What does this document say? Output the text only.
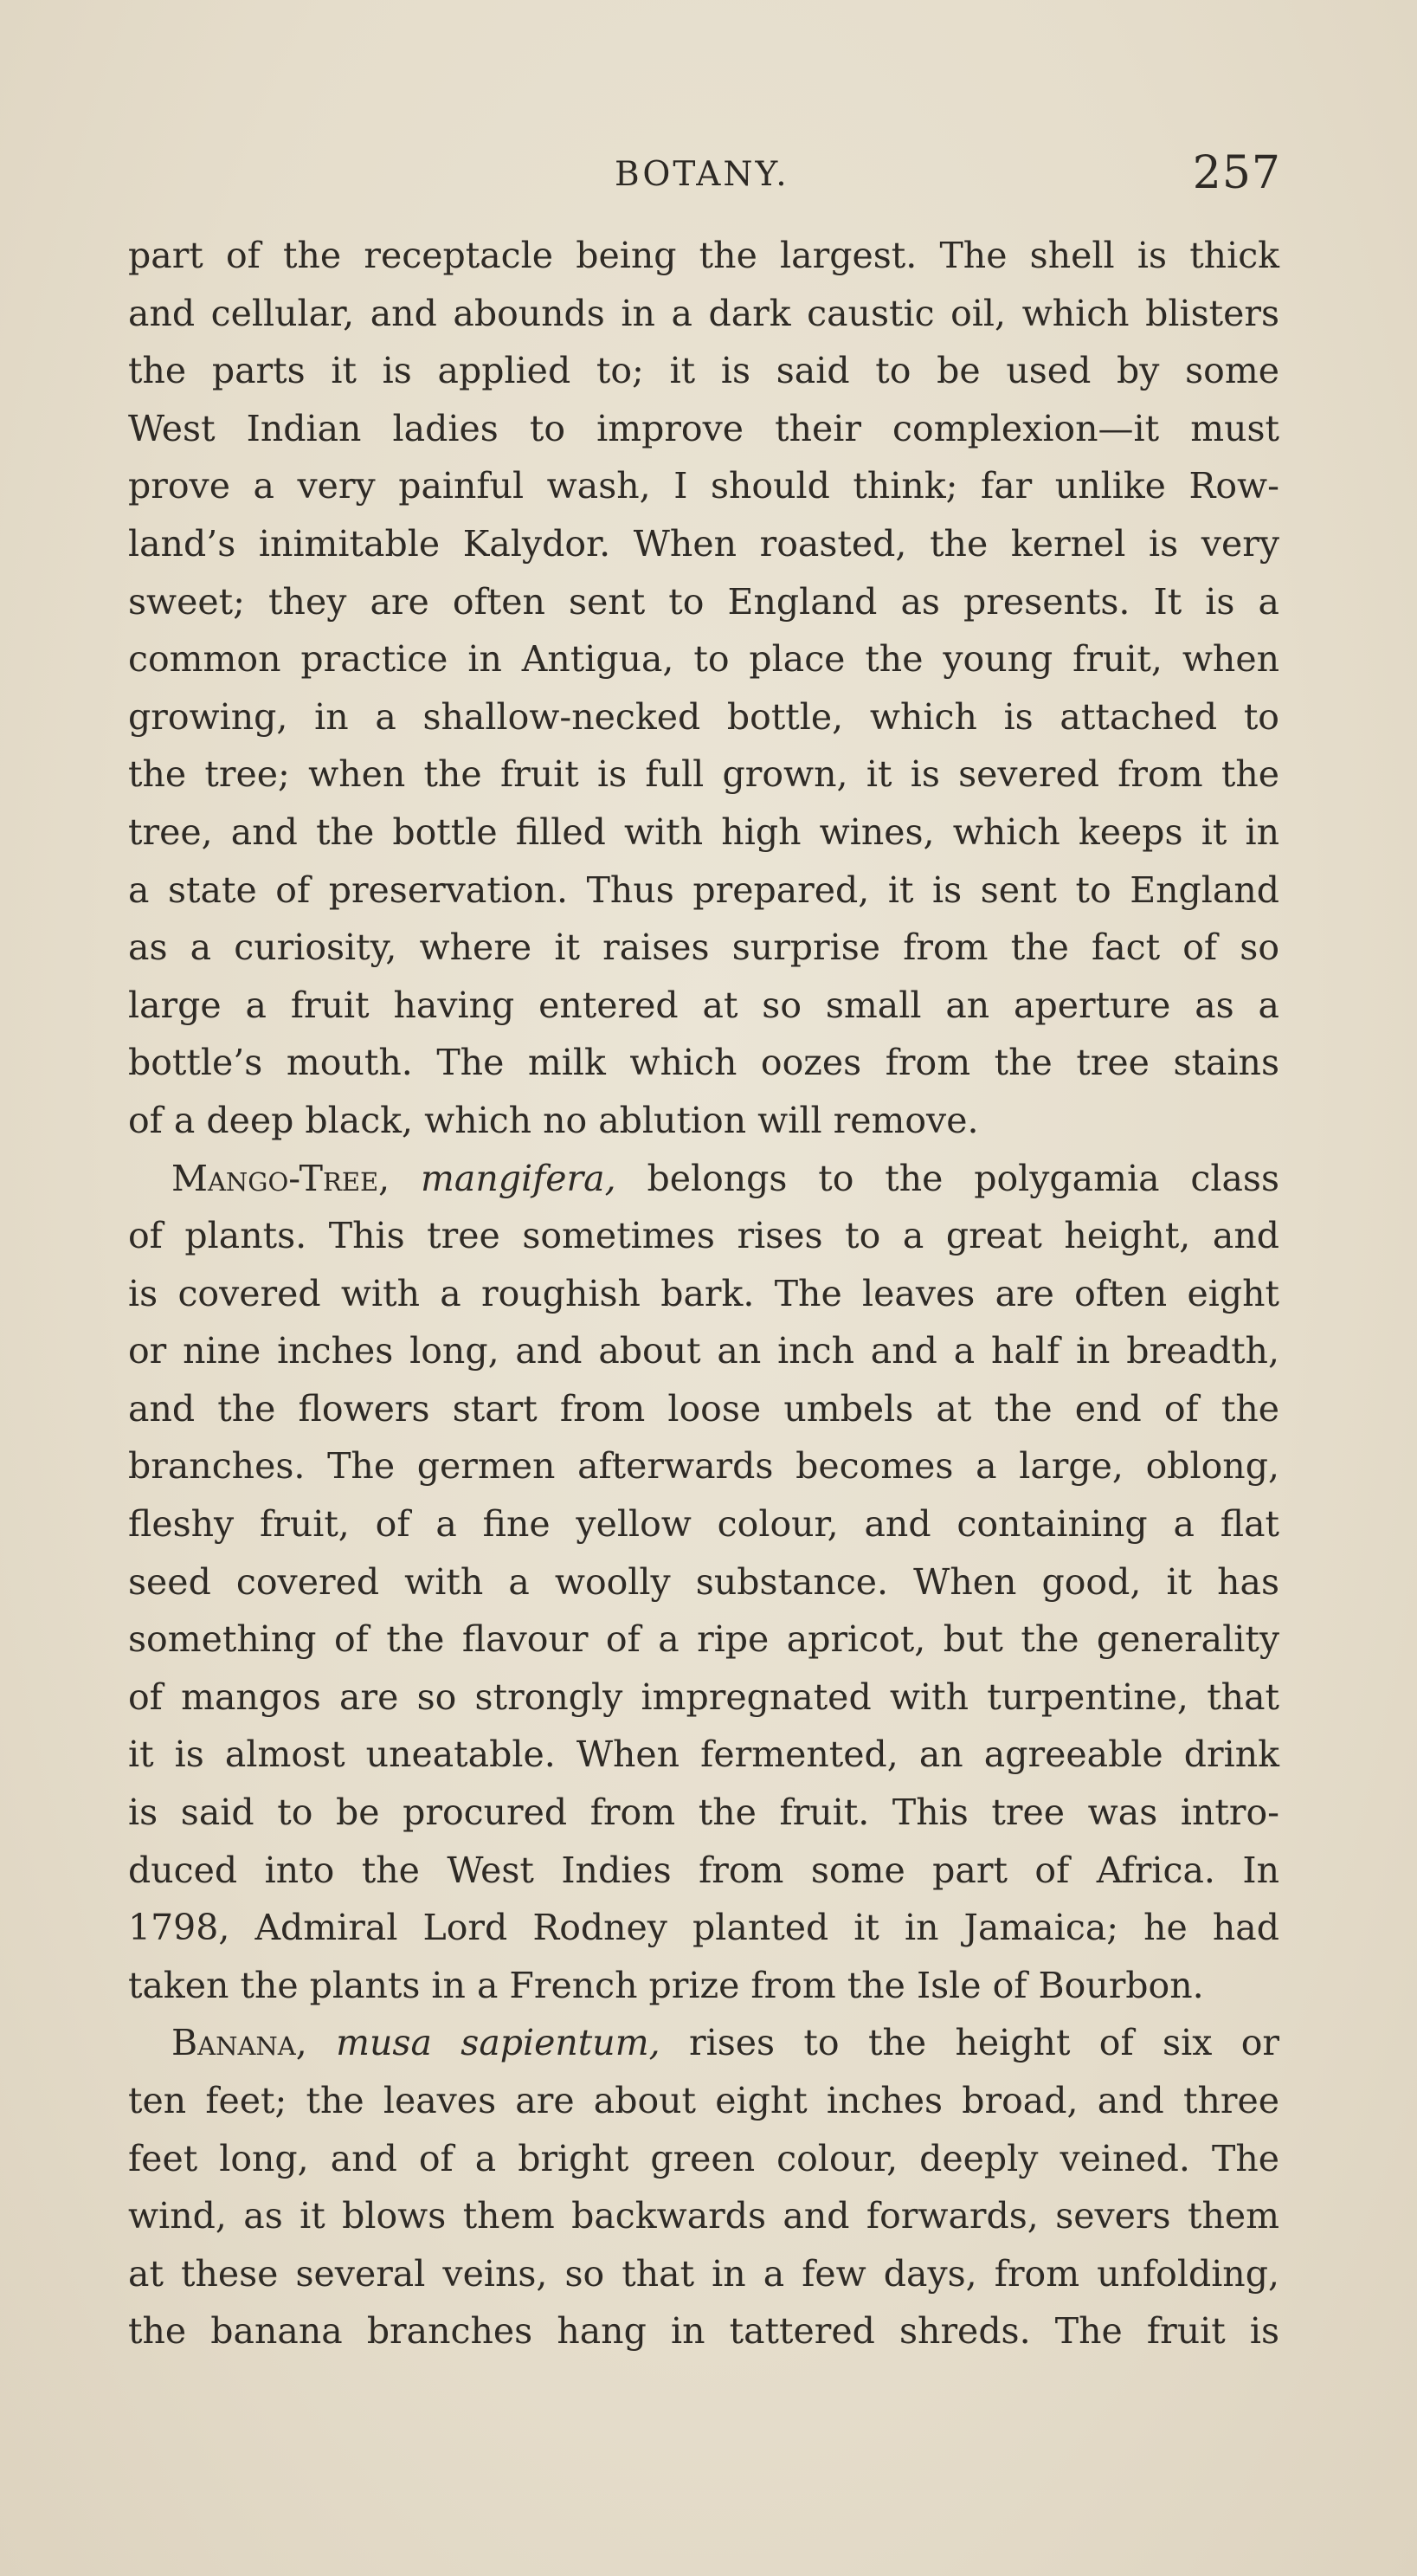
BOTANY.	257
part of the receptacle being the largest. The shell is thick
and cellular, and abounds in a dark caustic oil, which blisters
the parts it is applied to; it is said to be used by some
West Indian ladies to improve their complexion—it must
prove a very painful wash, I should think; far unlike Row-
land’s inimitable Kalydor. When roasted, the kernel is very
sweet; they are often sent to England as presents. It is a
common practice in Antigua, to place the young fruit, when
growing, in a shallow-necked bottle, which is attached to
the tree; when the fruit is full grown, it is severed from the
tree, and the bottle filled with high wines, which keeps it in
a state of preservation. Thus prepared, it is sent to England
as a curiosity, where it raises surprise from the fact of so
large a fruit having entered at so small an aperture as a
bottle’s mouth. The milk which oozes from the tree stains
of a deep black, which no ablution will remove.
Mango-Tree, mangifera, belongs to the polygamia class
of plants. This tree sometimes rises to a great height, and
is covered with a roughish bark. The leaves are often eight
or nine inches long, and about an inch and a half in breadth,
and the flowers start from loose umbels at the end of the
branches. The germen afterwards becomes a large, oblong,
fleshy fruit, of a fine yellow colour, and containing a flat
seed covered with a woolly substance. When good, it has
something of the flavour of a ripe apricot, but the generality
of mangos are so strongly impregnated with turpentine, that
it is almost uneatable. When fermented, an agreeable drink
is said to be procured from the fruit. This tree was intro-
duced into the West Indies from some part of Africa. In
1798, Admiral Lord Rodney planted it in Jamaica; he had
taken the plants in a French prize from the Isle of Bourbon.
Banana, musa sapientum, rises to the height of six or
ten feet; the leaves are about eight inches broad, and three
feet long, and of a bright green colour, deeply veined. The
wind, as it blows them backwards and forwards, severs them
at these several veins, so that in a few days, from unfolding,
the banana branches hang in tattered shreds. The fruit is
